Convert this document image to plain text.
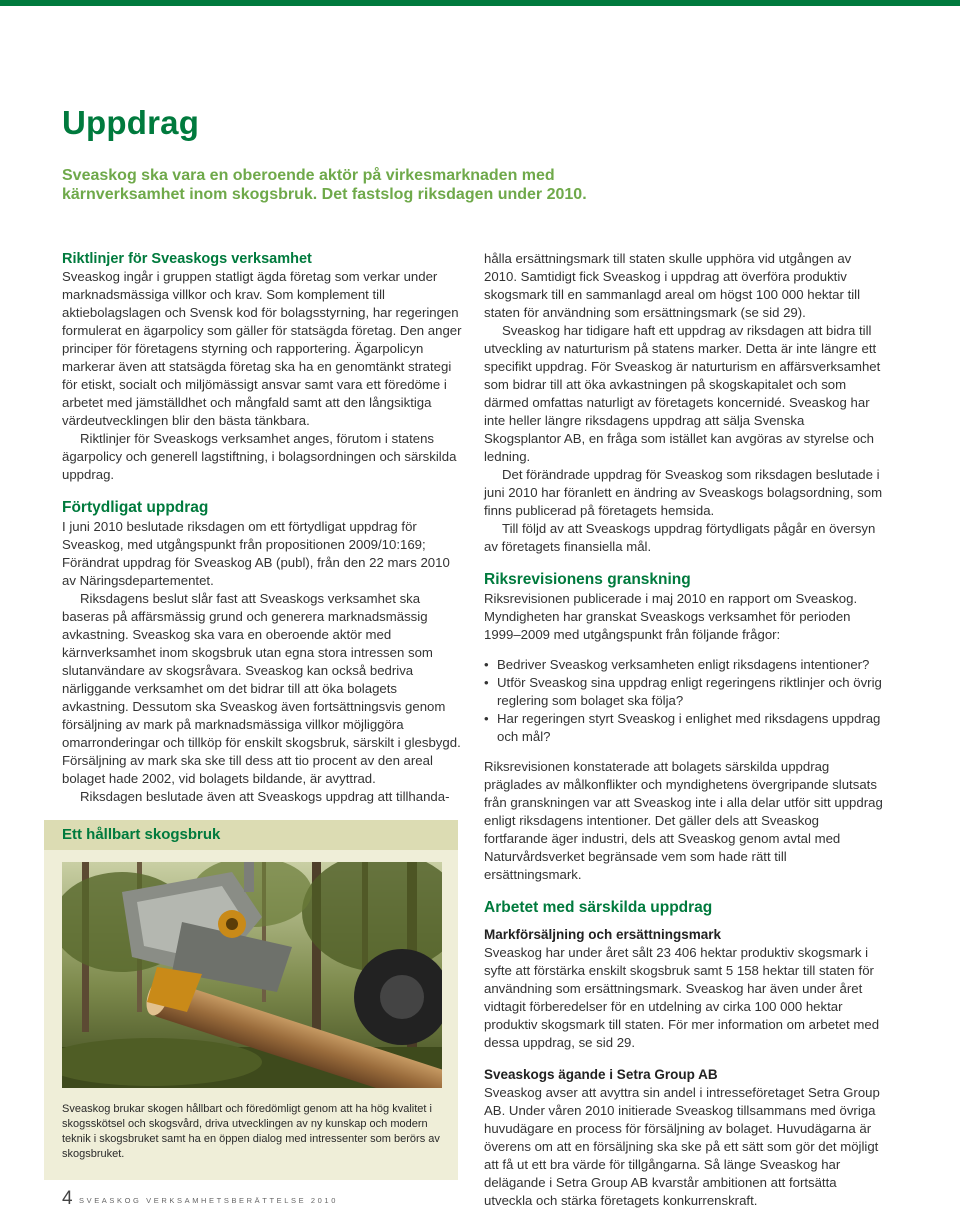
Uppdrag

Sveaskog ska vara en oberoende aktör på virkesmarknaden med kärnverksamhet inom skogsbruk. Det fastslog riksdagen under 2010.

Riktlinjer för Sveaskogs verksamhet

Sveaskog ingår i gruppen statligt ägda företag som verkar under marknadsmässiga villkor och krav. Som komplement till aktiebolagslagen och Svensk kod för bolagsstyrning, har regeringen formulerat en ägarpolicy som gäller för statsägda företag. Den anger principer för företagens styrning och rapportering. Ägarpolicyn markerar även att statsägda företag ska ha en genomtänkt strategi för etiskt, socialt och miljömässigt ansvar samt vara ett föredöme i arbetet med jämställdhet och mångfald samt att den långsiktiga värdeutvecklingen blir den bästa tänkbara.

Riktlinjer för Sveaskogs verksamhet anges, förutom i statens ägarpolicy och generell lagstiftning, i bolagsordningen och särskilda uppdrag.

Förtydligat uppdrag

I juni 2010 beslutade riksdagen om ett förtydligat uppdrag för Sveaskog, med utgångspunkt från propositionen 2009/10:169; Förändrat uppdrag för Sveaskog AB (publ), från den 22 mars 2010 av Näringsdepartementet.

Riksdagens beslut slår fast att Sveaskogs verksamhet ska baseras på affärsmässig grund och generera marknadsmässig avkastning. Sveaskog ska vara en oberoende aktör med kärnverksamhet inom skogsbruk utan egna stora intressen som slutanvändare av skogsråvara. Sveaskog kan också bedriva närliggande verksamhet om det bidrar till att öka bolagets avkastning. Dessutom ska Sveaskog även fortsättningsvis genom försäljning av mark på marknadsmässiga villkor möjliggöra omarronderingar och tillköp för enskilt skogsbruk, särskilt i glesbygd. Försäljning av mark ska ske till dess att tio procent av den areal bolaget hade 2002, vid bolagets bildande, är avyttrad.

Riksdagen beslutade även att Sveaskogs uppdrag att tillhanda-

Ett hållbart skogsbruk

Sveaskog brukar skogen hållbart och föredömligt genom att ha hög kvalitet i skogsskötsel och skogsvård, driva utvecklingen av ny kunskap och modern teknik i skogsbruket samt ha en öppen dialog med intressenter som berörs av skogsbruket.

hålla ersättningsmark till staten skulle upphöra vid utgången av 2010. Samtidigt fick Sveaskog i uppdrag att överföra produktiv skogsmark till en sammanlagd areal om högst 100 000 hektar till staten för användning som ersättningsmark (se sid 29).

Sveaskog har tidigare haft ett uppdrag av riksdagen att bidra till utveckling av naturturism på statens marker. Detta är inte längre ett specifikt uppdrag. För Sveaskog är naturturism en affärsverksamhet som bidrar till att öka avkastningen på skogskapitalet och som därmed omfattas naturligt av företagets koncernidé. Sveaskog har inte heller längre riksdagens uppdrag att sälja Svenska Skogsplantor AB, en fråga som istället kan avgöras av styrelse och ledning.

Det förändrade uppdrag för Sveaskog som riksdagen beslutade i juni 2010 har föranlett en ändring av Sveaskogs bolagsordning, som finns publicerad på företagets hemsida.

Till följd av att Sveaskogs uppdrag förtydligats pågår en översyn av företagets finansiella mål.

Riksrevisionens granskning

Riksrevisionen publicerade i maj 2010 en rapport om Sveaskog. Myndigheten har granskat Sveaskogs verksamhet för perioden 1999–2009 med utgångspunkt från följande frågor:

• Bedriver Sveaskog verksamheten enligt riksdagens intentioner?
• Utför Sveaskog sina uppdrag enligt regeringens riktlinjer och övrig reglering som bolaget ska följa?
• Har regeringen styrt Sveaskog i enlighet med riksdagens uppdrag och mål?

Riksrevisionen konstaterade att bolagets särskilda uppdrag präglades av målkonflikter och myndighetens övergripande slutsats från granskningen var att Sveaskog inte i alla delar utför sitt uppdrag enligt riksdagens intentioner. Det gäller dels att Sveaskog fortfarande äger industri, dels att Sveaskog genom avtal med Naturvårdsverket begränsade vem som hade rätt till ersättningsmark.

Arbetet med särskilda uppdrag
Markförsäljning och ersättningsmark

Sveaskog har under året sålt 23 406 hektar produktiv skogsmark i syfte att förstärka enskilt skogsbruk samt 5 158 hektar till staten för användning som ersättningsmark. Sveaskog har även under året vidtagit förberedelser för en utdelning av cirka 100 000 hektar produktiv skogsmark till staten. För mer information om arbetet med dessa uppdrag, se sid 29.

Sveaskogs ägande i Setra Group AB

Sveaskog avser att avyttra sin andel i intresseföretaget Setra Group AB. Under våren 2010 initierade Sveaskog tillsammans med övriga huvudägare en process för försäljning av bolaget. Huvudägarna är överens om att en försäljning ska ske på ett sätt som gör det möjligt att få ut ett bra värde för tillgångarna. Så länge Sveaskog har delägande i Setra Group AB kvarstår ambitionen att fortsätta utveckla och stärka företagets konkurrenskraft.

4 SVEASKOG VERKSAMHETSBERÄTTELSE 2010
